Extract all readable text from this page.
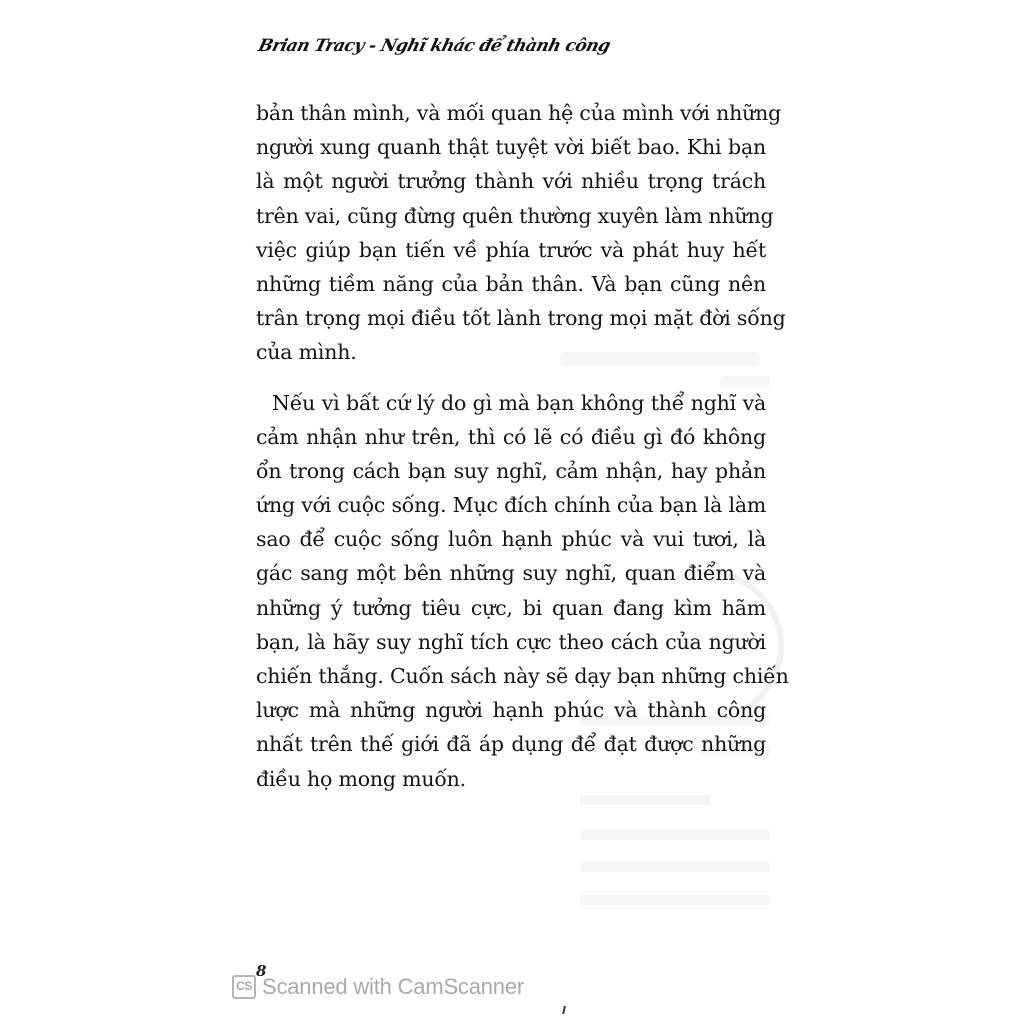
Brian Tracy - Nghĩ khác để thành công
bản thân mình, và mối quan hệ của mình với những
người xung quanh thật tuyệt vời biết bao. Khi bạn
là một người trưởng thành với nhiều trọng trách
trên vai, cũng đừng quên thường xuyên làm những
việc giúp bạn tiến về phía trước và phát huy hết
những tiềm năng của bản thân. Và bạn cũng nên
trân trọng mọi điều tốt lành trong mọi mặt đời sống
của mình.
Nếu vì bất cứ lý do gì mà bạn không thể nghĩ và
cảm nhận như trên, thì có lẽ có điều gì đó không
ổn trong cách bạn suy nghĩ, cảm nhận, hay phản
ứng với cuộc sống. Mục đích chính của bạn là làm
sao để cuộc sống luôn hạnh phúc và vui tươi, là
gác sang một bên những suy nghĩ, quan điểm và
những ý tưởng tiêu cực, bi quan đang kìm hãm
bạn, là hãy suy nghĩ tích cực theo cách của người
chiến thắng. Cuốn sách này sẽ dạy bạn những chiến
lược mà những người hạnh phúc và thành công
nhất trên thế giới đã áp dụng để đạt được những
điều họ mong muốn.
8
CS Scanned with CamScanner
